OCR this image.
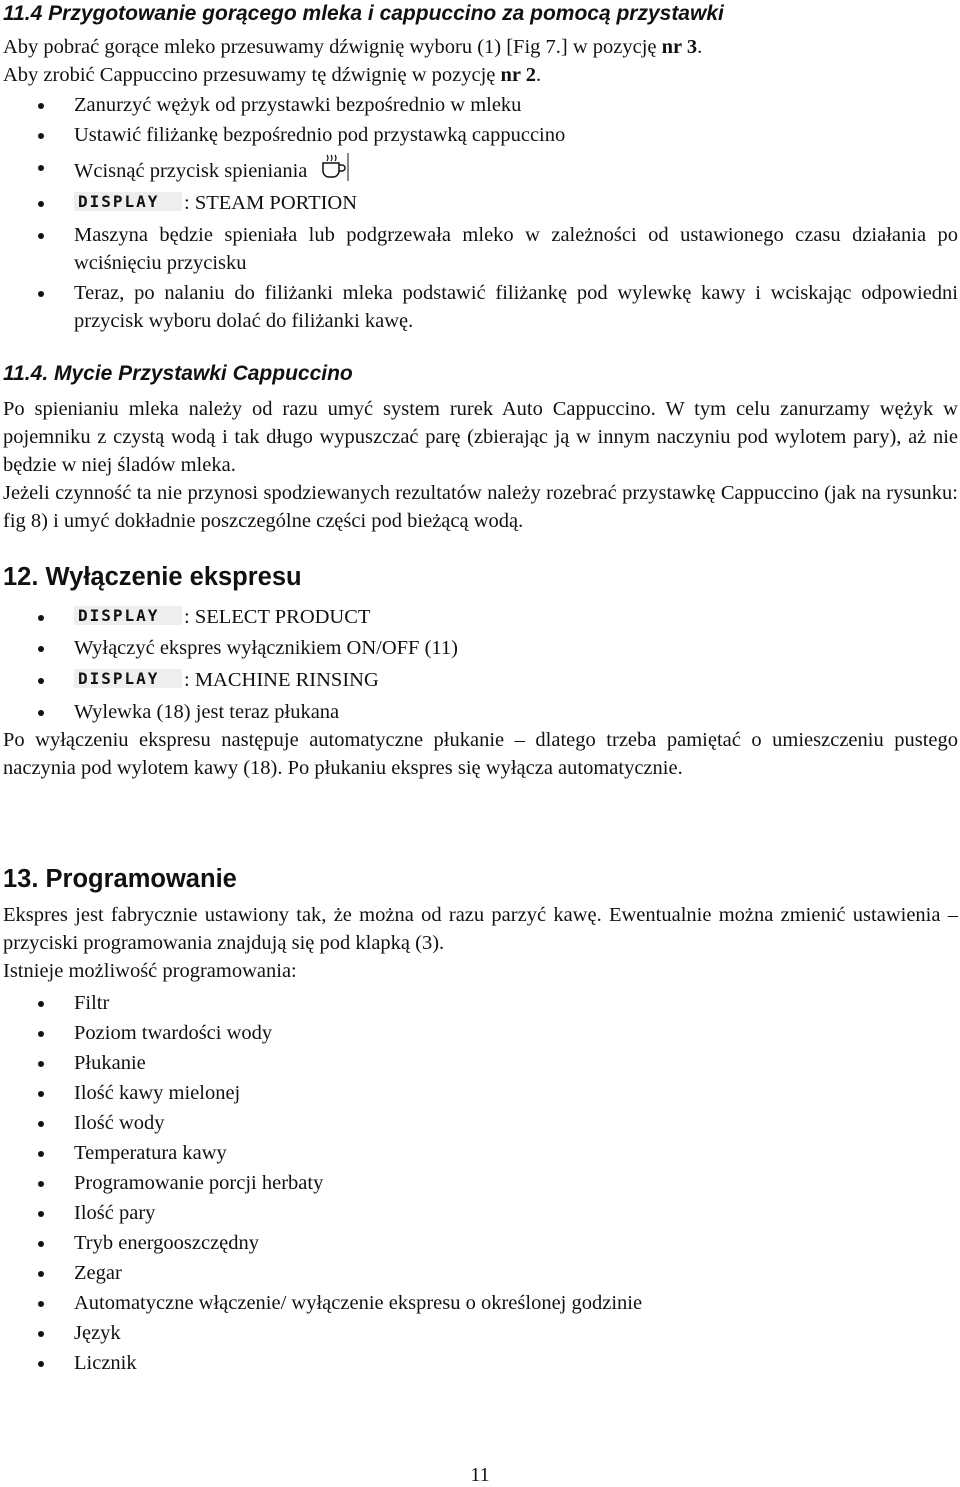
11.4 Przygotowanie gorącego mleka i cappuccino za pomocą przystawki

Aby pobrać gorące mleko przesuwamy dźwignię wyboru (1) [Fig 7.] w pozycję nr 3.

Aby zrobić Cappuccino przesuwamy tę dźwignię w pozycję nr 2.

Zanurzyć wężyk od przystawki bezpośrednio w mleku
Ustawić filiżankę bezpośrednio pod przystawką cappuccino
Wcisnąć przycisk spieniania
DISPLAY : STEAM PORTION
Maszyna będzie spieniała lub podgrzewała mleko w zależności od ustawionego czasu działania po wciśnięciu przycisku
Teraz, po nalaniu do filiżanki mleka podstawić filiżankę pod wylewkę kawy i wciskając odpowiedni przycisk wyboru dolać do filiżanki kawę.
11.4. Mycie Przystawki Cappuccino

Po spienianiu mleka należy od razu umyć system rurek Auto Cappuccino. W tym celu zanurzamy wężyk w pojemniku z czystą wodą i tak długo wypuszczać parę (zbierając ją w innym naczyniu pod wylotem pary), aż nie będzie w niej śladów mleka.

Jeżeli czynność ta nie przynosi spodziewanych rezultatów należy rozebrać przystawkę Cappuccino (jak na rysunku: fig 8) i umyć dokładnie poszczególne części pod bieżącą wodą.

12. Wyłączenie ekspresu
DISPLAY : SELECT PRODUCT
Wyłączyć ekspres wyłącznikiem ON/OFF (11)
DISPLAY : MACHINE RINSING
Wylewka (18) jest teraz płukana

Po wyłączeniu ekspresu następuje automatyczne płukanie – dlatego trzeba pamiętać o umieszczeniu pustego naczynia pod wylotem kawy (18). Po płukaniu ekspres się wyłącza automatycznie.

13. Programowanie

Ekspres jest fabrycznie ustawiony tak, że można od razu parzyć kawę. Ewentualnie można zmienić ustawienia – przyciski programowania znajdują się pod klapką (3).

Istnieje możliwość programowania:

Filtr
Poziom twardości wody
Płukanie
Ilość kawy mielonej
Ilość wody
Temperatura kawy
Programowanie porcji herbaty
Ilość pary
Tryb energooszczędny
Zegar
Automatyczne włączenie/ wyłączenie ekspresu o określonej godzinie
Język
Licznik
11
